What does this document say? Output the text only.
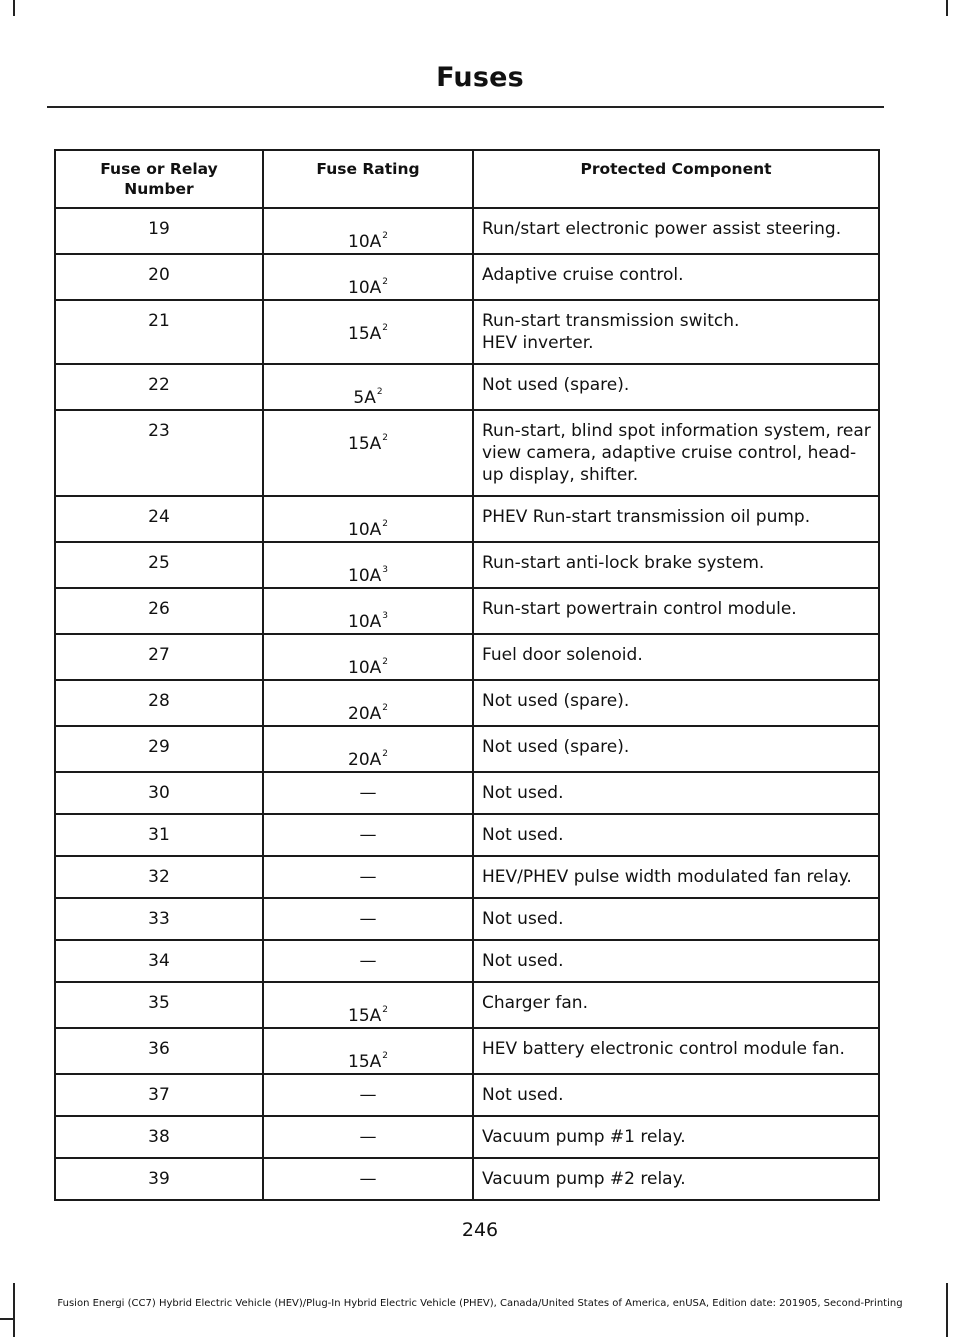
Fuses
Fuse or Relay Number	Fuse Rating	Protected Component
19	$10A^2$	Run/start electronic power assist steering.
20	$10A^2$	Adaptive cruise control.
21	$15A^2$	Run-start transmission switch.
HEV inverter.
22	$5A^2$	Not used (spare).
23	$15A^2$	Run-start, blind spot information system, rear view camera, adaptive cruise control, head-up display, shifter.
24	$10A^2$	PHEV Run-start transmission oil pump.
25	$10A^3$	Run-start anti-lock brake system.
26	$10A^3$	Run-start powertrain control module.
27	$10A^2$	Fuel door solenoid.
28	$20A^2$	Not used (spare).
29	$20A^2$	Not used (spare).
30	—	Not used.
31	—	Not used.
32	—	HEV/PHEV pulse width modulated fan relay.
33	—	Not used.
34	—	Not used.
35	$15A^2$	Charger fan.
36	$15A^2$	HEV battery electronic control module fan.
37	—	Not used.
38	—	Vacuum pump #1 relay.
39	—	Vacuum pump #2 relay.
246
Fusion Energi (CC7) Hybrid Electric Vehicle (HEV)/Plug-In Hybrid Electric Vehicle (PHEV), Canada/United States of America, enUSA, Edition date: 201905, Second-Printing
